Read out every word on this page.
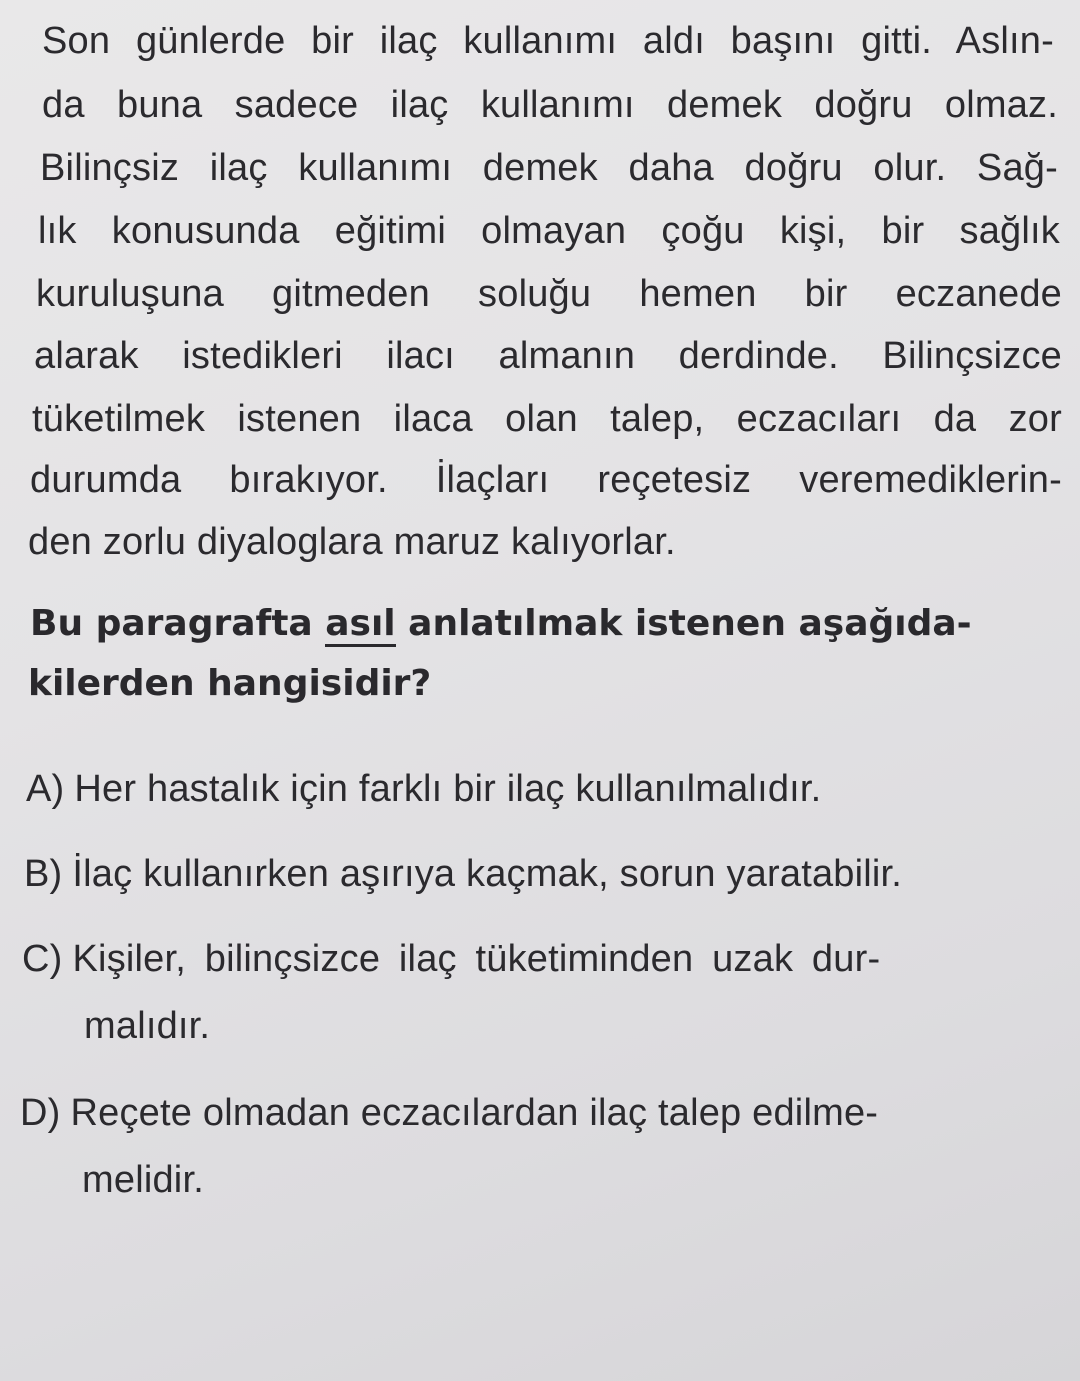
Son günlerde bir ilaç kullanımı aldı başını gitti. Aslın-
da buna sadece ilaç kullanımı demek doğru olmaz.
Bilinçsiz ilaç kullanımı demek daha doğru olur. Sağ-
lık konusunda eğitimi olmayan çoğu kişi, bir sağlık
kuruluşuna gitmeden soluğu hemen bir eczanede
alarak istedikleri ilacı almanın derdinde. Bilinçsizce
tüketilmek istenen ilaca olan talep, eczacıları da zor
durumda bırakıyor. İlaçları reçetesiz veremediklerin-
den zorlu diyaloglara maruz kalıyorlar.
Bu paragrafta asıl anlatılmak istenen aşağıda-
kilerden hangisidir?
A) Her hastalık için farklı bir ilaç kullanılmalıdır.
B) İlaç kullanırken aşırıya kaçmak, sorun yaratabilir.
C) Kişiler, bilinçsizce ilaç tüketiminden uzak dur-
malıdır.
D) Reçete olmadan eczacılardan ilaç talep edilme-
melidir.
